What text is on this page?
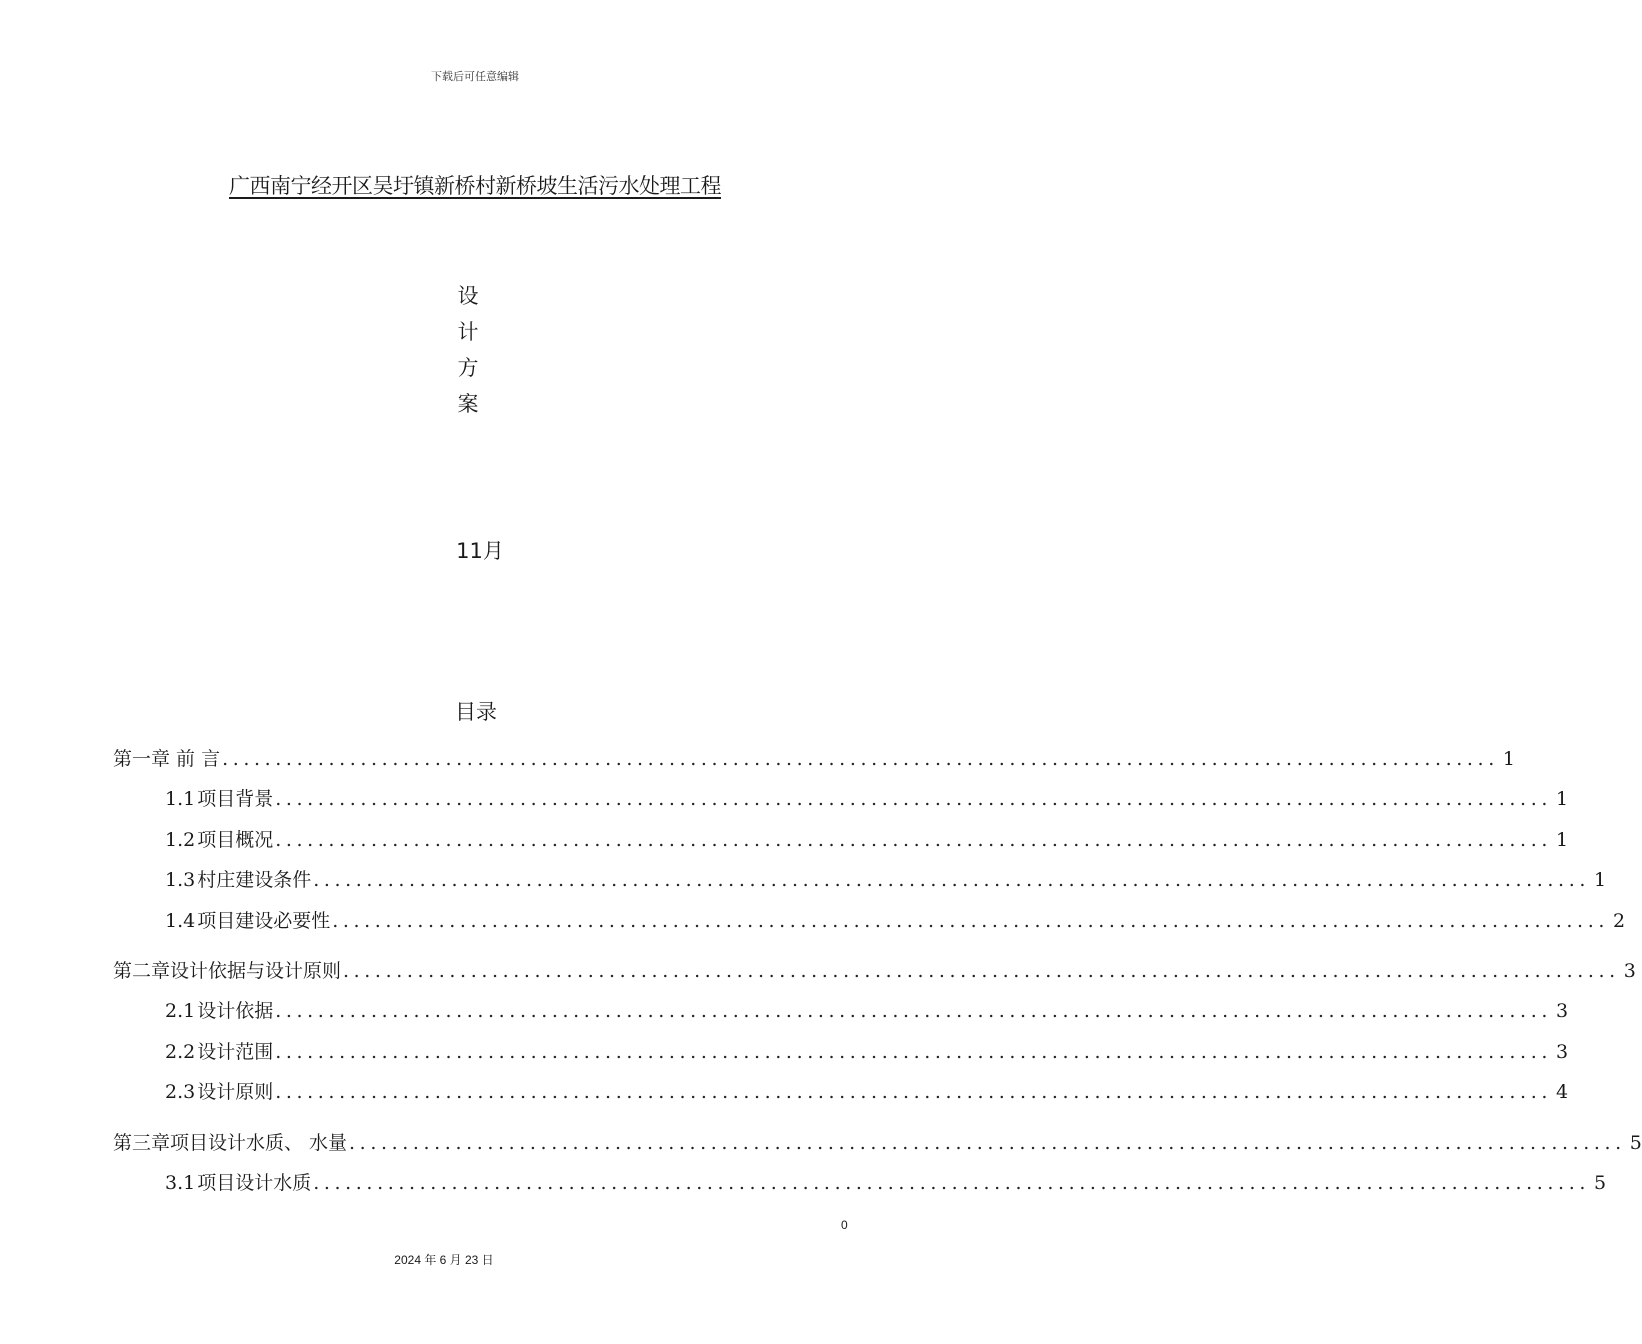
下载后可任意编辑
广西南宁经开区吴圩镇新桥村新桥坡生活污水处理工程
设
计
方
案
11月
目录
第一章 前 言 ........................................................................................................................ 1
1.1 项目背景 ........................................................................................................................ 1
1.2 项目概况 ........................................................................................................................ 1
1.3 村庄建设条件 ........................................................................................................................ 1
1.4 项目建设必要性 ........................................................................................................................ 2
第二章设计依据与设计原则 ........................................................................................................................ 3
2.1 设计依据 ........................................................................................................................ 3
2.2 设计范围 ........................................................................................................................ 3
2.3 设计原则 ........................................................................................................................ 4
第三章项目设计水质、 水量 ........................................................................................................................ 5
3.1 项目设计水质 ........................................................................................................................ 5
0
2024 年 6 月 23 日
